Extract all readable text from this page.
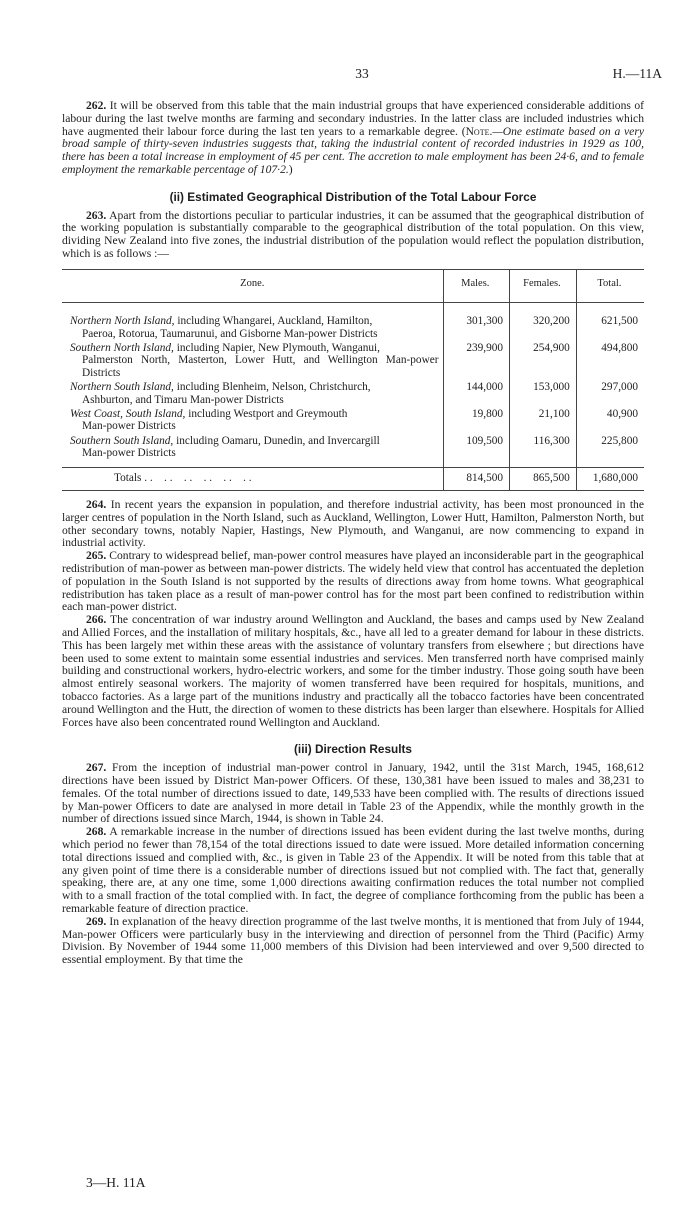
33	H.—11A

262. It will be observed from this table that the main industrial groups that have experienced considerable additions of labour during the last twelve months are farming and secondary industries. In the latter class are included industries which have augmented their labour force during the last ten years to a remarkable degree. (Note.—One estimate based on a very broad sample of thirty-seven industries suggests that, taking the industrial content of recorded industries in 1929 as 100, there has been a total increase in employment of 45 per cent. The accretion to male employment has been 24·6, and to female employment the remarkable percentage of 107·2.)

(ii) Estimated Geographical Distribution of the Total Labour Force

263. Apart from the distortions peculiar to particular industries, it can be assumed that the geographical distribution of the working population is substantially comparable to the geographical distribution of the total population. On this view, dividing New Zealand into five zones, the industrial distribution of the population would reflect the population distribution, which is as follows :—

Zone.	Males.	Females.	Total.
Northern North Island, including Whangarei, Auckland, Hamilton,
Paeroa, Rotorua, Taumarunui, and Gisborne Man-power Districts	301,300	320,200	621,500
Southern North Island, including Napier, New Plymouth, Wanganui,
Palmerston North, Masterton, Lower Hutt, and Wellington Man-power Districts	239,900	254,900	494,800
Northern South Island, including Blenheim, Nelson, Christchurch,
Ashburton, and Timaru Man-power Districts	144,000	153,000	297,000
West Coast, South Island, including Westport and Greymouth
Man-power Districts	19,800	21,100	40,900
Southern South Island, including Oamaru, Dunedin, and Invercargill
Man-power Districts	109,500	116,300	225,800

Totals . .    . .    . .    . .    . .    . .	814,500	865,500	1,680,000

264. In recent years the expansion in population, and therefore industrial activity, has been most pronounced in the larger centres of population in the North Island, such as Auckland, Wellington, Lower Hutt, Hamilton, Palmerston North, but other secondary towns, notably Napier, Hastings, New Plymouth, and Wanganui, are now commencing to expand in industrial activity.

265. Contrary to widespread belief, man-power control measures have played an inconsiderable part in the geographical redistribution of man-power as between man-power districts. The widely held view that control has accentuated the depletion of population in the South Island is not supported by the results of directions away from home towns. What geographical redistribution has taken place as a result of man-power control has for the most part been confined to redistribution within each man-power district.

266. The concentration of war industry around Wellington and Auckland, the bases and camps used by New Zealand and Allied Forces, and the installation of military hospitals, &c., have all led to a greater demand for labour in these districts. This has been largely met within these areas with the assistance of voluntary transfers from elsewhere ; but directions have been used to some extent to maintain some essential industries and services. Men transferred north have comprised mainly building and constructional workers, hydro-electric workers, and some for the timber industry. Those going south have been almost entirely seasonal workers. The majority of women transferred have been required for hospitals, munitions, and tobacco factories. As a large part of the munitions industry and practically all the tobacco factories have been concentrated around Wellington and the Hutt, the direction of women to these districts has been larger than elsewhere. Hospitals for Allied Forces have also been concentrated round Wellington and Auckland.

(iii) Direction Results

267. From the inception of industrial man-power control in January, 1942, until the 31st March, 1945, 168,612 directions have been issued by District Man-power Officers. Of these, 130,381 have been issued to males and 38,231 to females. Of the total number of directions issued to date, 149,533 have been complied with. The results of directions issued by Man-power Officers to date are analysed in more detail in Table 23 of the Appendix, while the monthly growth in the number of directions issued since March, 1944, is shown in Table 24.

268. A remarkable increase in the number of directions issued has been evident during the last twelve months, during which period no fewer than 78,154 of the total directions issued to date were issued. More detailed information concerning total directions issued and complied with, &c., is given in Table 23 of the Appendix. It will be noted from this table that at any given point of time there is a considerable number of directions issued but not complied with. The fact that, generally speaking, there are, at any one time, some 1,000 directions awaiting confirmation reduces the total number not complied with to a small fraction of the total complied with. In fact, the degree of compliance forthcoming from the public has been a remarkable feature of direction practice.

269. In explanation of the heavy direction programme of the last twelve months, it is mentioned that from July of 1944, Man-power Officers were particularly busy in the interviewing and direction of personnel from the Third (Pacific) Army Division. By November of 1944 some 11,000 members of this Division had been interviewed and over 9,500 directed to essential employment. By that time the

3—H. 11A
